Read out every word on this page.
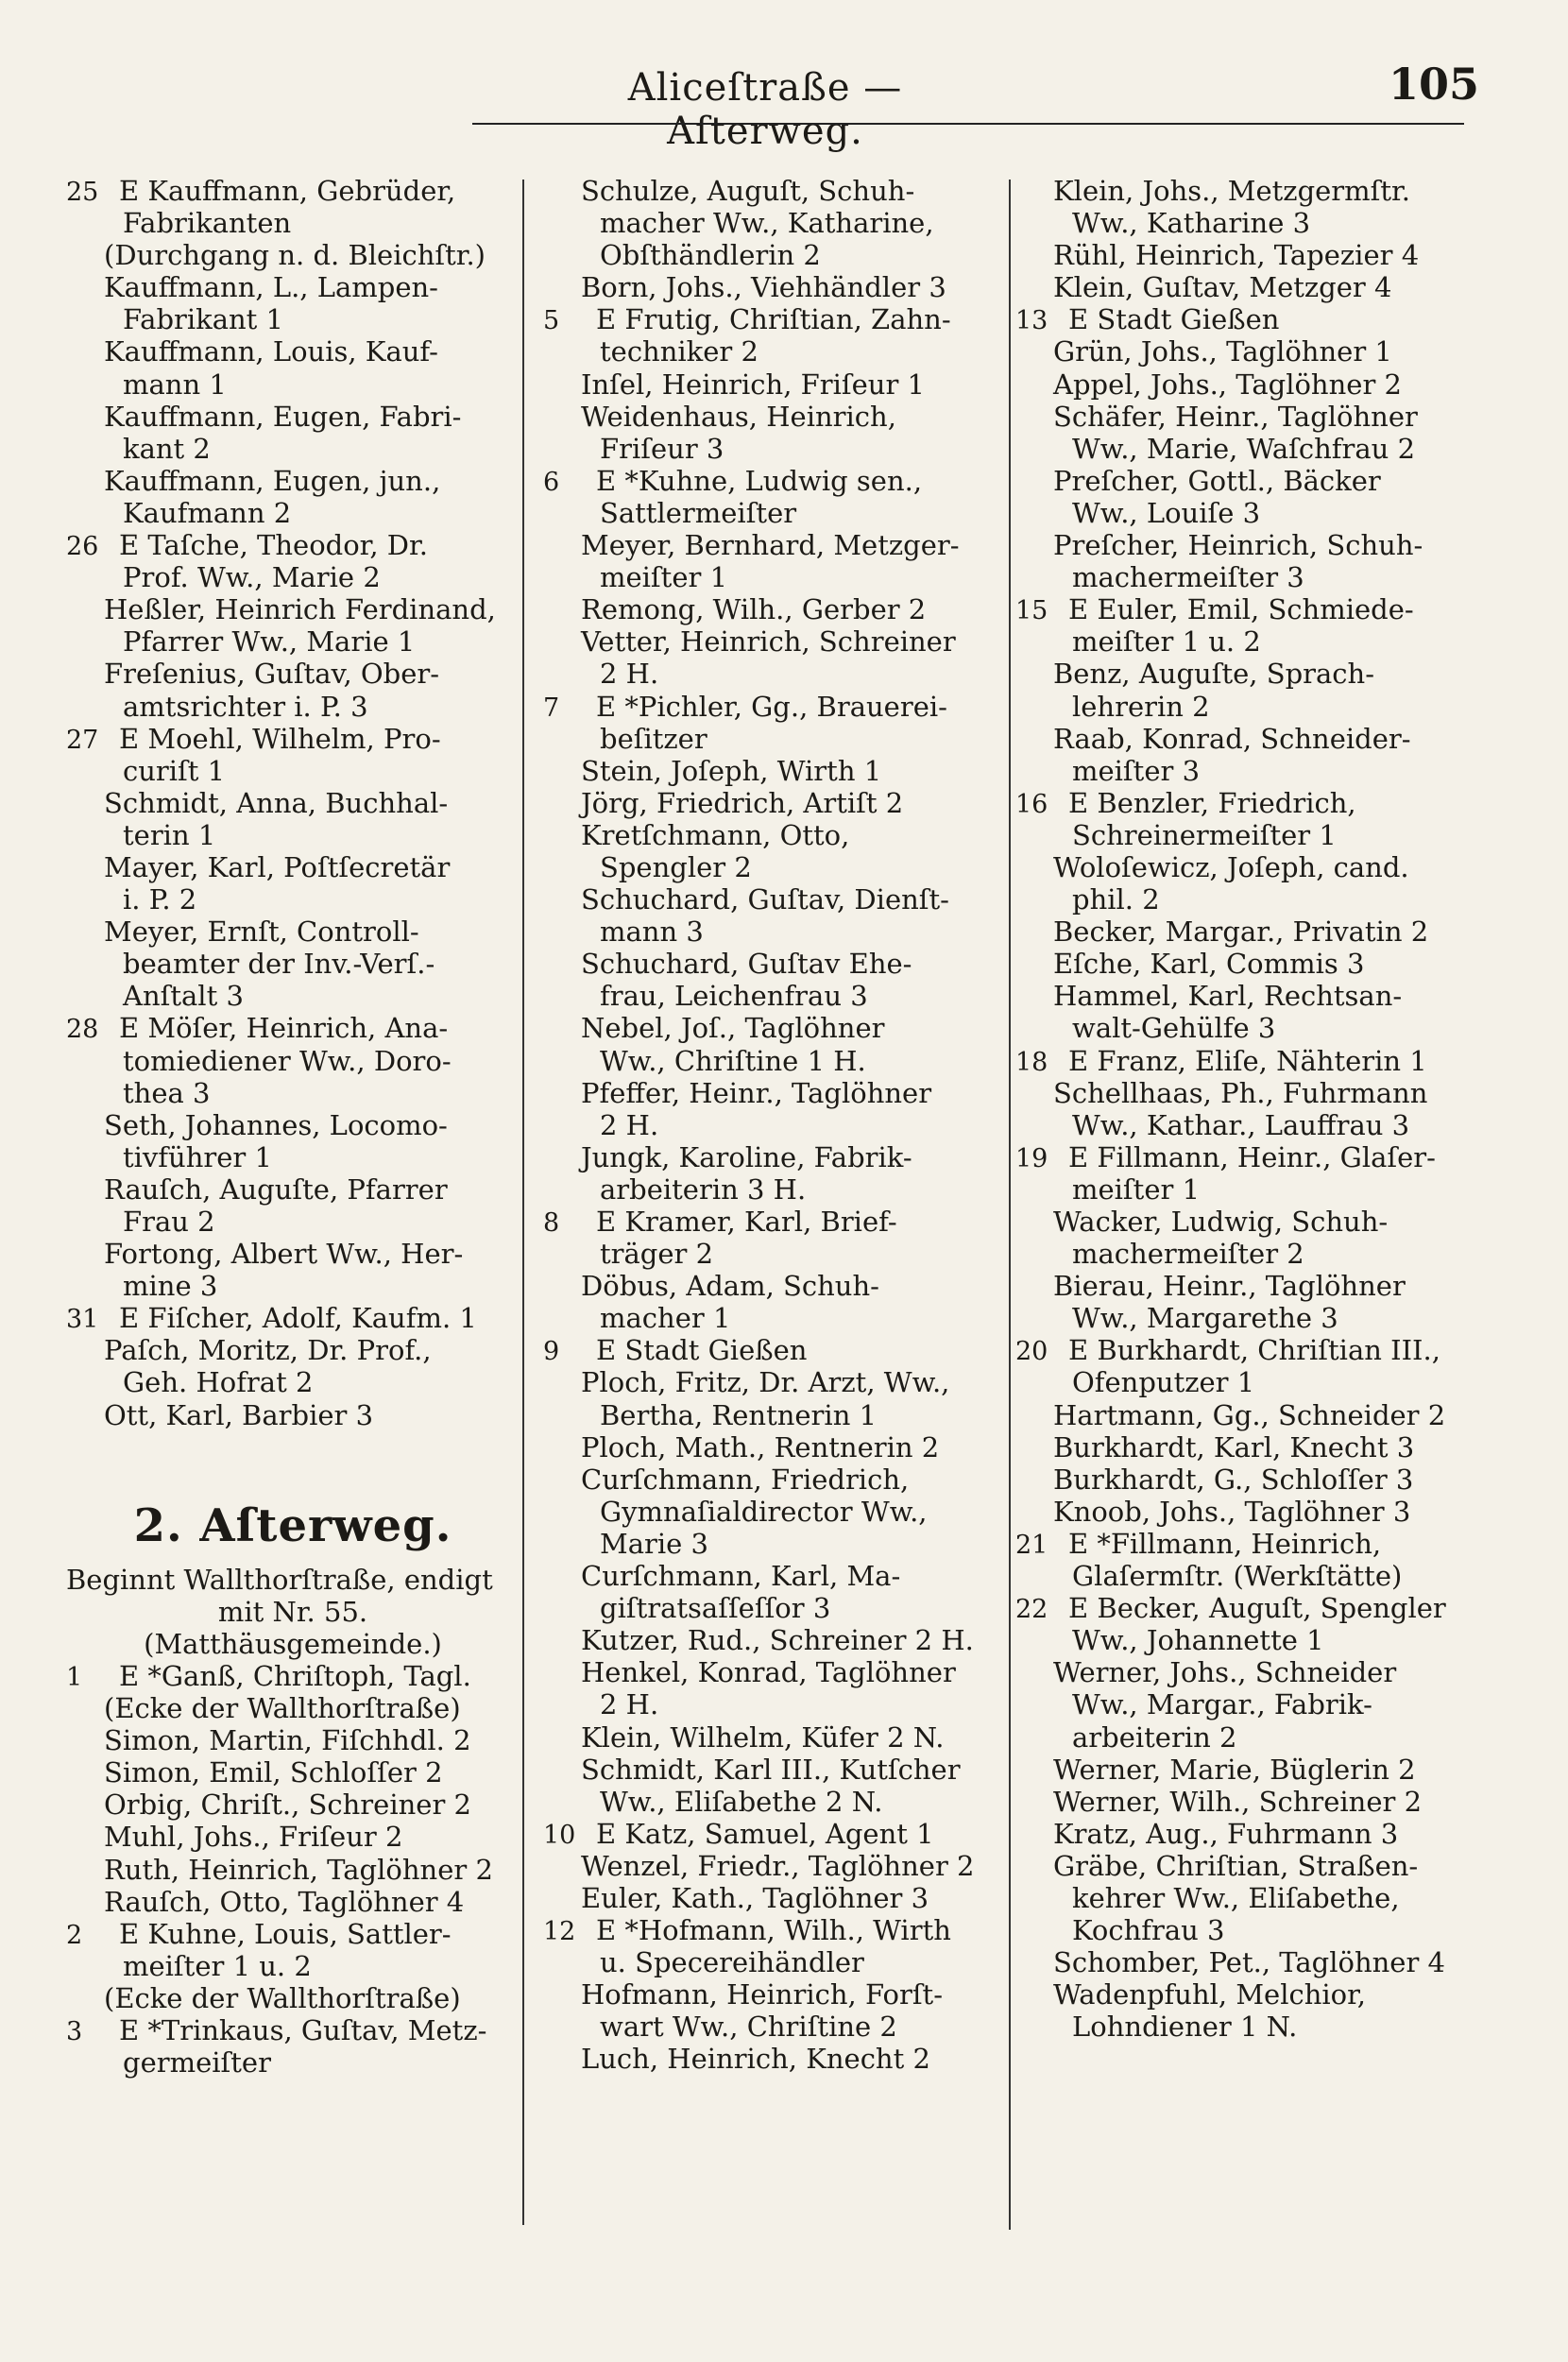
Aliceſtraße — Aſterweg.
105
25 E Kauffmann, Gebrüder,
Fabrikanten
(Durchgang n. d. Bleichſtr.)
Kauffmann, L., Lampen-
Fabrikant 1
Kauffmann, Louis, Kauf-
mann 1
Kauffmann, Eugen, Fabri-
kant 2
Kauffmann, Eugen, jun.,
Kaufmann 2
26 E Taſche, Theodor, Dr.
Prof. Ww., Marie 2
Heßler, Heinrich Ferdinand,
Pfarrer Ww., Marie 1
Freſenius, Guſtav, Ober-
amtsrichter i. P. 3
27 E Moehl, Wilhelm, Pro-
curiſt 1
Schmidt, Anna, Buchhal-
terin 1
Mayer, Karl, Poſtſecretär
i. P. 2
Meyer, Ernſt, Controll-
beamter der Inv.-Verſ.-
Anſtalt 3
28 E Möſer, Heinrich, Ana-
tomiediener Ww., Doro-
thea 3
Seth, Johannes, Locomo-
tivführer 1
Rauſch, Auguſte, Pfarrer
Frau 2
Fortong, Albert Ww., Her-
mine 3
31 E Fiſcher, Adolf, Kaufm. 1
Paſch, Moritz, Dr. Prof.,
Geh. Hofrat 2
Ott, Karl, Barbier 3
2. Aſterweg.
Beginnt Wallthorſtraße, endigt
mit Nr. 55.
(Matthäusgemeinde.)
1 E *Ganß, Chriſtoph, Tagl.
(Ecke der Wallthorſtraße)
Simon, Martin, Fiſchhdl. 2
Simon, Emil, Schloſſer 2
Orbig, Chriſt., Schreiner 2
Muhl, Johs., Friſeur 2
Ruth, Heinrich, Taglöhner 2
Rauſch, Otto, Taglöhner 4
2 E Kuhne, Louis, Sattler-
meiſter 1 u. 2
(Ecke der Wallthorſtraße)
3 E *Trinkaus, Guſtav, Metz-
germeiſter
Schulze, Auguſt, Schuh-
macher Ww., Katharine,
Obſthändlerin 2
Born, Johs., Viehhändler 3
5 E Frutig, Chriſtian, Zahn-
techniker 2
Inſel, Heinrich, Friſeur 1
Weidenhaus, Heinrich,
Friſeur 3
6 E *Kuhne, Ludwig sen.,
Sattlermeiſter
Meyer, Bernhard, Metzger-
meiſter 1
Remong, Wilh., Gerber 2
Vetter, Heinrich, Schreiner
2 H.
7 E *Pichler, Gg., Brauerei-
beſitzer
Stein, Joſeph, Wirth 1
Jörg, Friedrich, Artiſt 2
Kretſchmann, Otto,
Spengler 2
Schuchard, Guſtav, Dienſt-
mann 3
Schuchard, Guſtav Ehe-
frau, Leichenfrau 3
Nebel, Joſ., Taglöhner
Ww., Chriſtine 1 H.
Pfeffer, Heinr., Taglöhner
2 H.
Jungk, Karoline, Fabrik-
arbeiterin 3 H.
8 E Kramer, Karl, Brief-
träger 2
Döbus, Adam, Schuh-
macher 1
9 E Stadt Gießen
Ploch, Fritz, Dr. Arzt, Ww.,
Bertha, Rentnerin 1
Ploch, Math., Rentnerin 2
Curſchmann, Friedrich,
Gymnaſialdirector Ww.,
Marie 3
Curſchmann, Karl, Ma-
giſtratsaſſeſſor 3
Kutzer, Rud., Schreiner 2 H.
Henkel, Konrad, Taglöhner
2 H.
Klein, Wilhelm, Küfer 2 N.
Schmidt, Karl III., Kutſcher
Ww., Eliſabethe 2 N.
10 E Katz, Samuel, Agent 1
Wenzel, Friedr., Taglöhner 2
Euler, Kath., Taglöhner 3
12 E *Hofmann, Wilh., Wirth
u. Specereihändler
Hofmann, Heinrich, Forſt-
wart Ww., Chriſtine 2
Luch, Heinrich, Knecht 2
Klein, Johs., Metzgermſtr.
Ww., Katharine 3
Rühl, Heinrich, Tapezier 4
Klein, Guſtav, Metzger 4
13 E Stadt Gießen
Grün, Johs., Taglöhner 1
Appel, Johs., Taglöhner 2
Schäfer, Heinr., Taglöhner
Ww., Marie, Waſchfrau 2
Preſcher, Gottl., Bäcker
Ww., Louiſe 3
Preſcher, Heinrich, Schuh-
machermeiſter 3
15 E Euler, Emil, Schmiede-
meiſter 1 u. 2
Benz, Auguſte, Sprach-
lehrerin 2
Raab, Konrad, Schneider-
meiſter 3
16 E Benzler, Friedrich,
Schreinermeiſter 1
Woloſewicz, Joſeph, cand.
phil. 2
Becker, Margar., Privatin 2
Eſche, Karl, Commis 3
Hammel, Karl, Rechtsan-
walt-Gehülfe 3
18 E Franz, Eliſe, Nähterin 1
Schellhaas, Ph., Fuhrmann
Ww., Kathar., Lauffrau 3
19 E Fillmann, Heinr., Glaſer-
meiſter 1
Wacker, Ludwig, Schuh-
machermeiſter 2
Bierau, Heinr., Taglöhner
Ww., Margarethe 3
20 E Burkhardt, Chriſtian III.,
Ofenputzer 1
Hartmann, Gg., Schneider 2
Burkhardt, Karl, Knecht 3
Burkhardt, G., Schloſſer 3
Knoob, Johs., Taglöhner 3
21 E *Fillmann, Heinrich,
Glaſermſtr. (Werkſtätte)
22 E Becker, Auguſt, Spengler
Ww., Johannette 1
Werner, Johs., Schneider
Ww., Margar., Fabrik-
arbeiterin 2
Werner, Marie, Büglerin 2
Werner, Wilh., Schreiner 2
Kratz, Aug., Fuhrmann 3
Gräbe, Chriſtian, Straßen-
kehrer Ww., Eliſabethe,
Kochfrau 3
Schomber, Pet., Taglöhner 4
Wadenpfuhl, Melchior,
Lohndiener 1 N.
